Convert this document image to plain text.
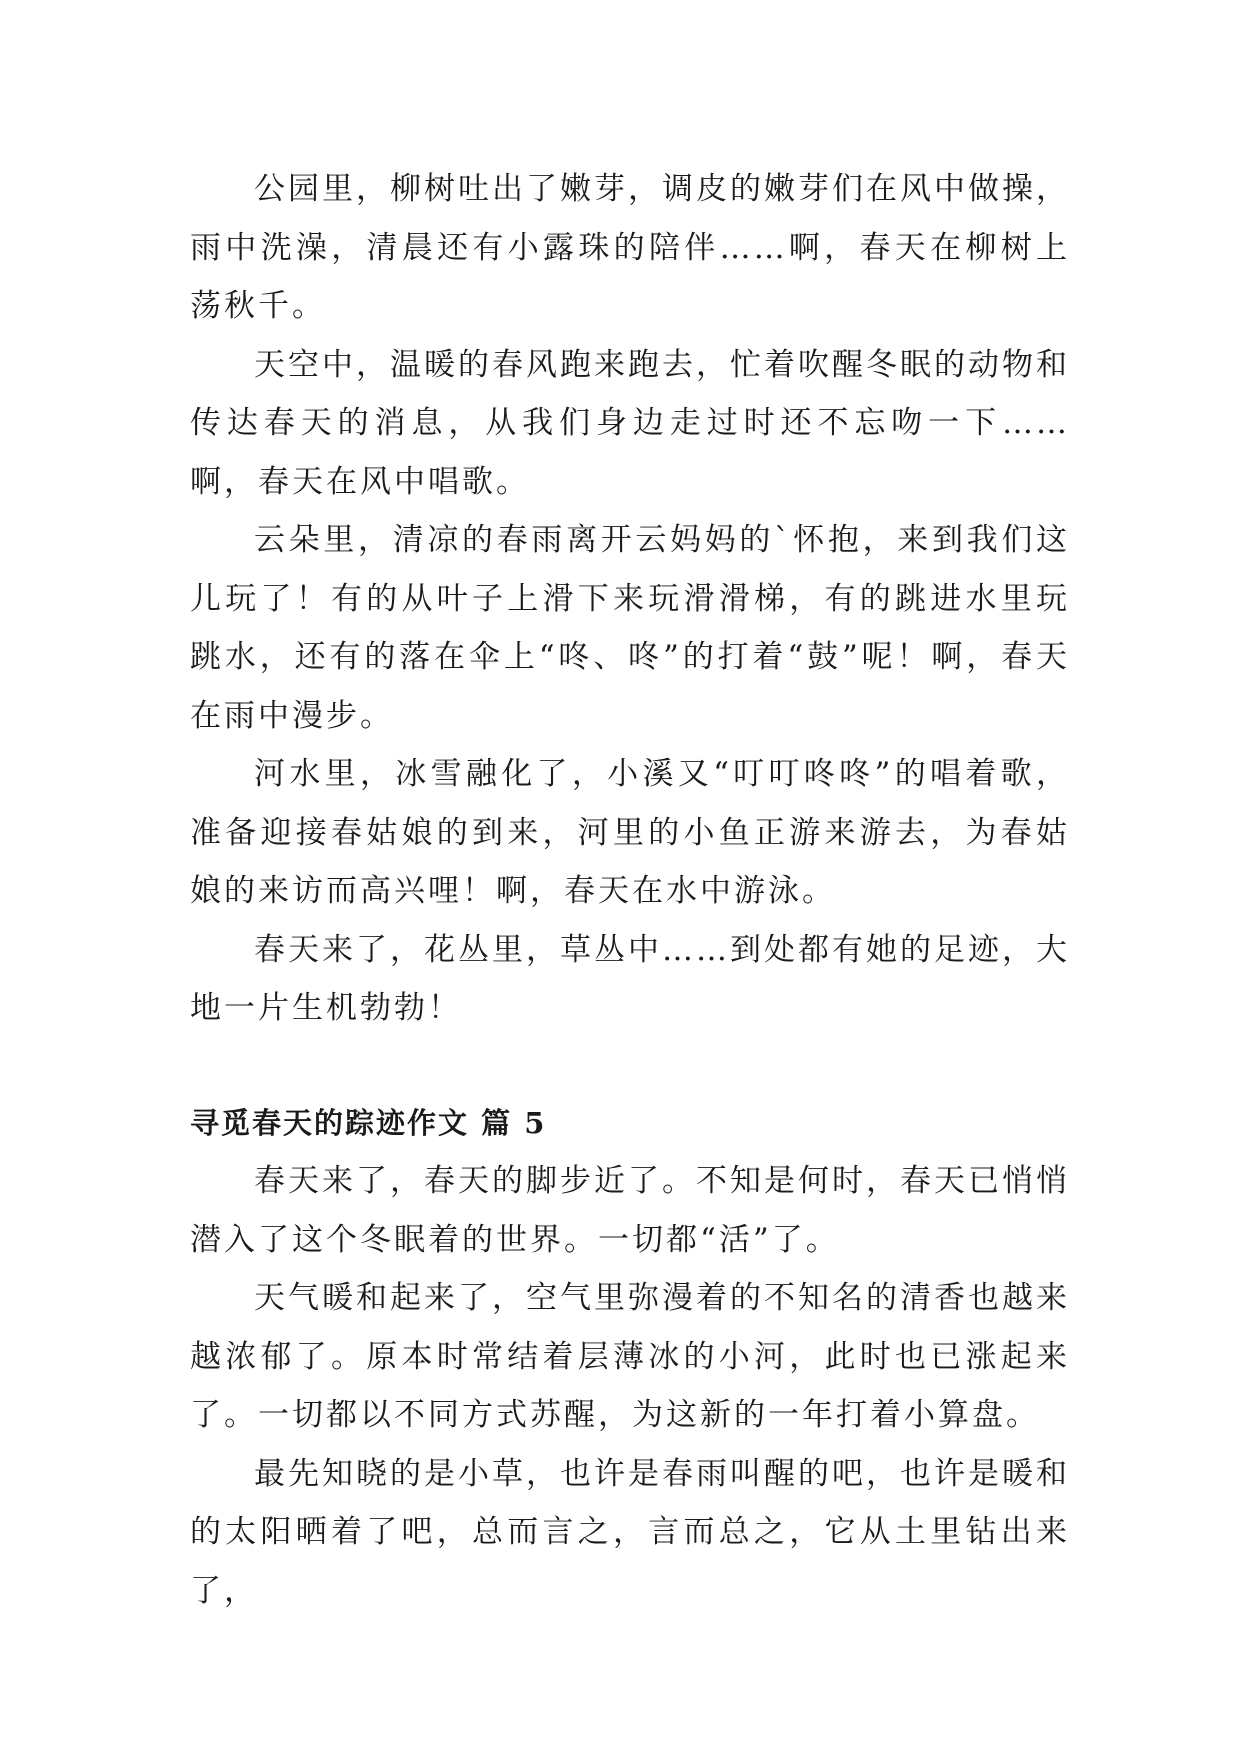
公园里，柳树吐出了嫩芽，调皮的嫩芽们在风中做操，雨中洗澡，清晨还有小露珠的陪伴……啊，春天在柳树上荡秋千。

天空中，温暖的春风跑来跑去，忙着吹醒冬眠的动物和传达春天的消息，从我们身边走过时还不忘吻一下……啊，春天在风中唱歌。

云朵里，清凉的春雨离开云妈妈的`怀抱，来到我们这儿玩了！有的从叶子上滑下来玩滑滑梯，有的跳进水里玩跳水，还有的落在伞上“咚、咚”的打着“鼓”呢！啊，春天在雨中漫步。

河水里，冰雪融化了，小溪又“叮叮咚咚”的唱着歌，准备迎接春姑娘的到来，河里的小鱼正游来游去，为春姑娘的来访而高兴哩！啊，春天在水中游泳。

春天来了，花丛里，草丛中……到处都有她的足迹，大地一片生机勃勃！

寻觅春天的踪迹作文 篇 5

春天来了，春天的脚步近了。不知是何时，春天已悄悄潜入了这个冬眠着的世界。一切都“活”了。

天气暖和起来了，空气里弥漫着的不知名的清香也越来越浓郁了。原本时常结着层薄冰的小河，此时也已涨起来了。一切都以不同方式苏醒，为这新的一年打着小算盘。

最先知晓的是小草，也许是春雨叫醒的吧，也许是暖和的太阳晒着了吧，总而言之，言而总之，它从土里钻出来了，
